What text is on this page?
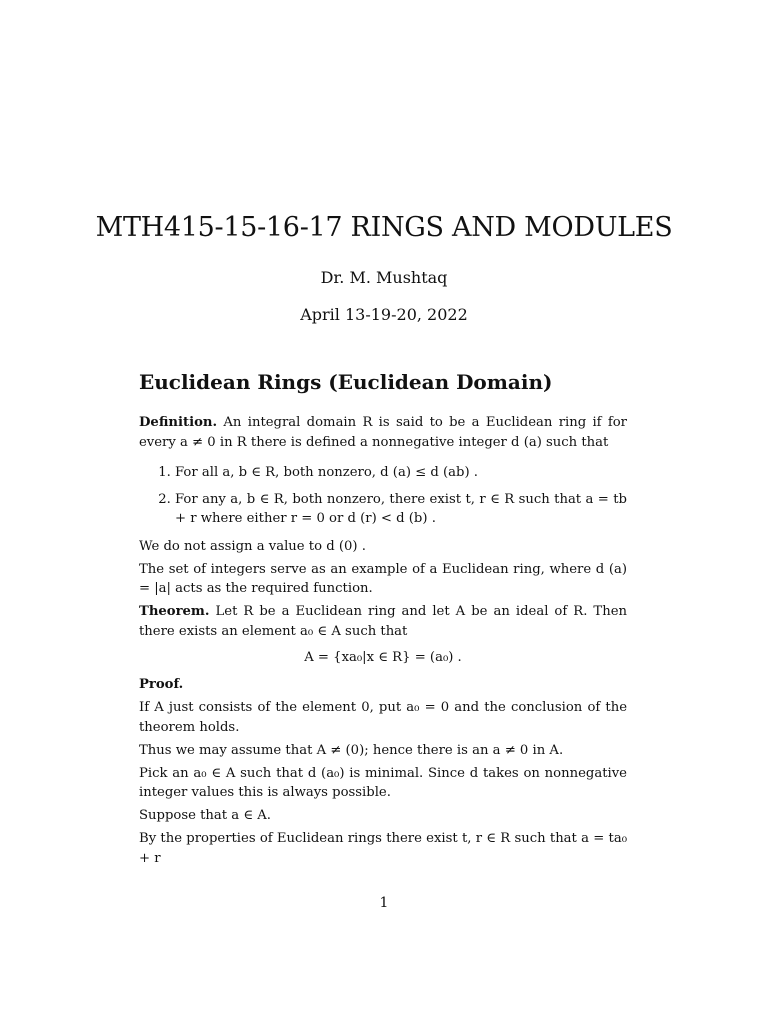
MTH415-15-16-17 RINGS AND MODULES
Dr. M. Mushtaq
April 13-19-20, 2022
Euclidean Rings (Euclidean Domain)

Definition. An integral domain R is said to be a Euclidean ring if for every a ≠ 0 in R there is defined a nonnegative integer d (a) such that

1. For all a, b ∈ R, both nonzero, d (a) ≤ d (ab) .
2. For any a, b ∈ R, both nonzero, there exist t, r ∈ R such that a = tb + r where either r = 0 or d (r) < d (b) .

We do not assign a value to d (0) .

The set of integers serve as an example of a Euclidean ring, where d (a) = |a| acts as the required function.

Theorem. Let R be a Euclidean ring and let A be an ideal of R. Then there exists an element a₀ ∈ A such that

A = {xa₀|x ∈ R} = (a₀) .

Proof.

If A just consists of the element 0, put a₀ = 0 and the conclusion of the theorem holds.

Thus we may assume that A ≠ (0); hence there is an a ≠ 0 in A.

Pick an a₀ ∈ A such that d (a₀) is minimal. Since d takes on nonnegative integer values this is always possible.

Suppose that a ∈ A.

By the properties of Euclidean rings there exist t, r ∈ R such that a = ta₀ + r

1
